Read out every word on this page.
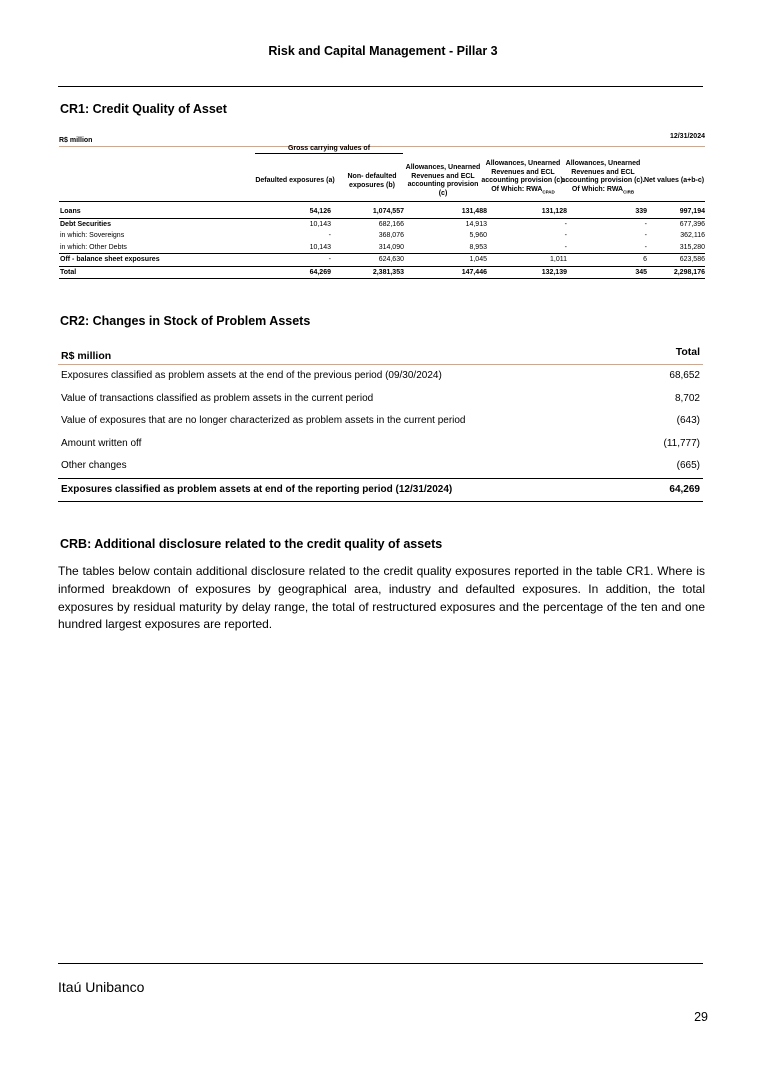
Risk and Capital Management - Pillar 3
CR1: Credit Quality of Asset
R$ million
12/31/2024
Gross carrying values of
Defaulted exposures (a)
Non- defaulted exposures (b)
Allowances, Unearned Revenues and ECL accounting provision (c)
Allowances, Unearned Revenues and ECL accounting provision (c). Of Which: $RWA_{CPAD}$
Allowances, Unearned Revenues and ECL accounting provision (c). Of Which: $RWA_{CIRB}$
Net values (a+b-c)
Loans	54,126	1,074,557	131,488	131,128	339	997,194
Debt Securities	10,143	682,166	14,913	-	-	677,396
in which: Sovereigns	-	368,076	5,960	-	-	362,116
in which: Other Debts	10,143	314,090	8,953	-	-	315,280
Off - balance sheet exposures	-	624,630	1,045	1,011	6	623,586
Total	64,269	2,381,353	147,446	132,139	345	2,298,176
CR2: Changes in Stock of Problem Assets
R$ million	Total
Exposures classified as problem assets at the end of the previous period (09/30/2024)	68,652
Value of transactions classified as problem assets in the current period	8,702
Value of exposures that are no longer characterized as problem assets in the current period	(643)
Amount written off	(11,777)
Other changes	(665)
Exposures classified as problem assets at end of the reporting period (12/31/2024)	64,269
CRB: Additional disclosure related to the credit quality of assets
The tables below contain additional disclosure related to the credit quality exposures reported in the table CR1. Where is informed breakdown of exposures by geographical area, industry and defaulted exposures. In addition, the total exposures by residual maturity by delay range, the total of restructured exposures and the percentage of the ten and one hundred largest exposures are reported.
Itaú Unibanco
29
